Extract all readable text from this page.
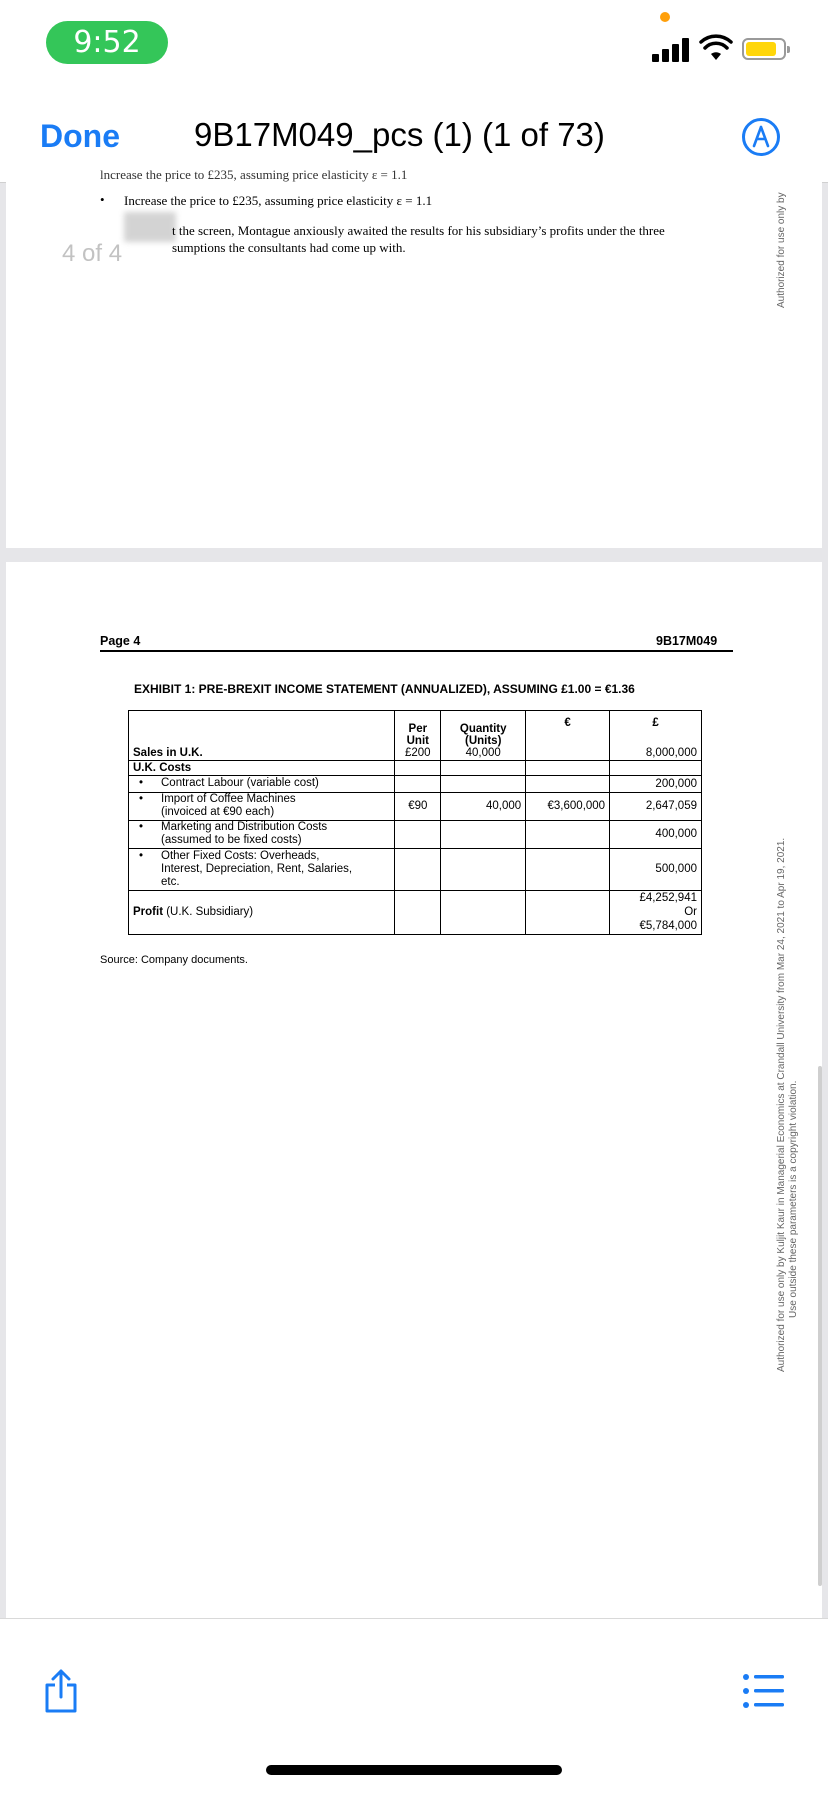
9:52
Done 9B17M049_pcs (1) (1 of 73)
lncrease the price to £235, assuming price elasticity ε = 1.1
• Increase the price to £235, assuming price elasticity ε = 1.1
t the screen, Montague anxiously awaited the results for his subsidiary’s profits under the three
sumptions the consultants had come up with.
4 of 4	Authorized for use only by
Page 4	9B17M049
EXHIBIT 1: PRE-BREXIT INCOME STATEMENT (ANNUALIZED), ASSUMING £1.00 = €1.36
	Per	Quantity	€	£
	Unit	(Units)		
Sales in U.K.	£200	40,000		8,000,000
U.K. Costs				
• Contract Labour (variable cost)				200,000
• Import of Coffee Machines
(invoiced at €90 each)	€90	40,000	€3,600,000	2,647,059
• Marketing and Distribution Costs
(assumed to be fixed costs)				400,000
• Other Fixed Costs: Overheads,
Interest, Depreciation, Rent, Salaries,
etc.				500,000
Profit (U.K. Subsidiary)				£4,252,941
Or
€5,784,000
Source: Company documents.	Authorized for use only by Kuljit Kaur in Managerial Economics at Crandall University from Mar 24, 2021 to Apr 19, 2021. Use outside these parameters is a copyright violation.
